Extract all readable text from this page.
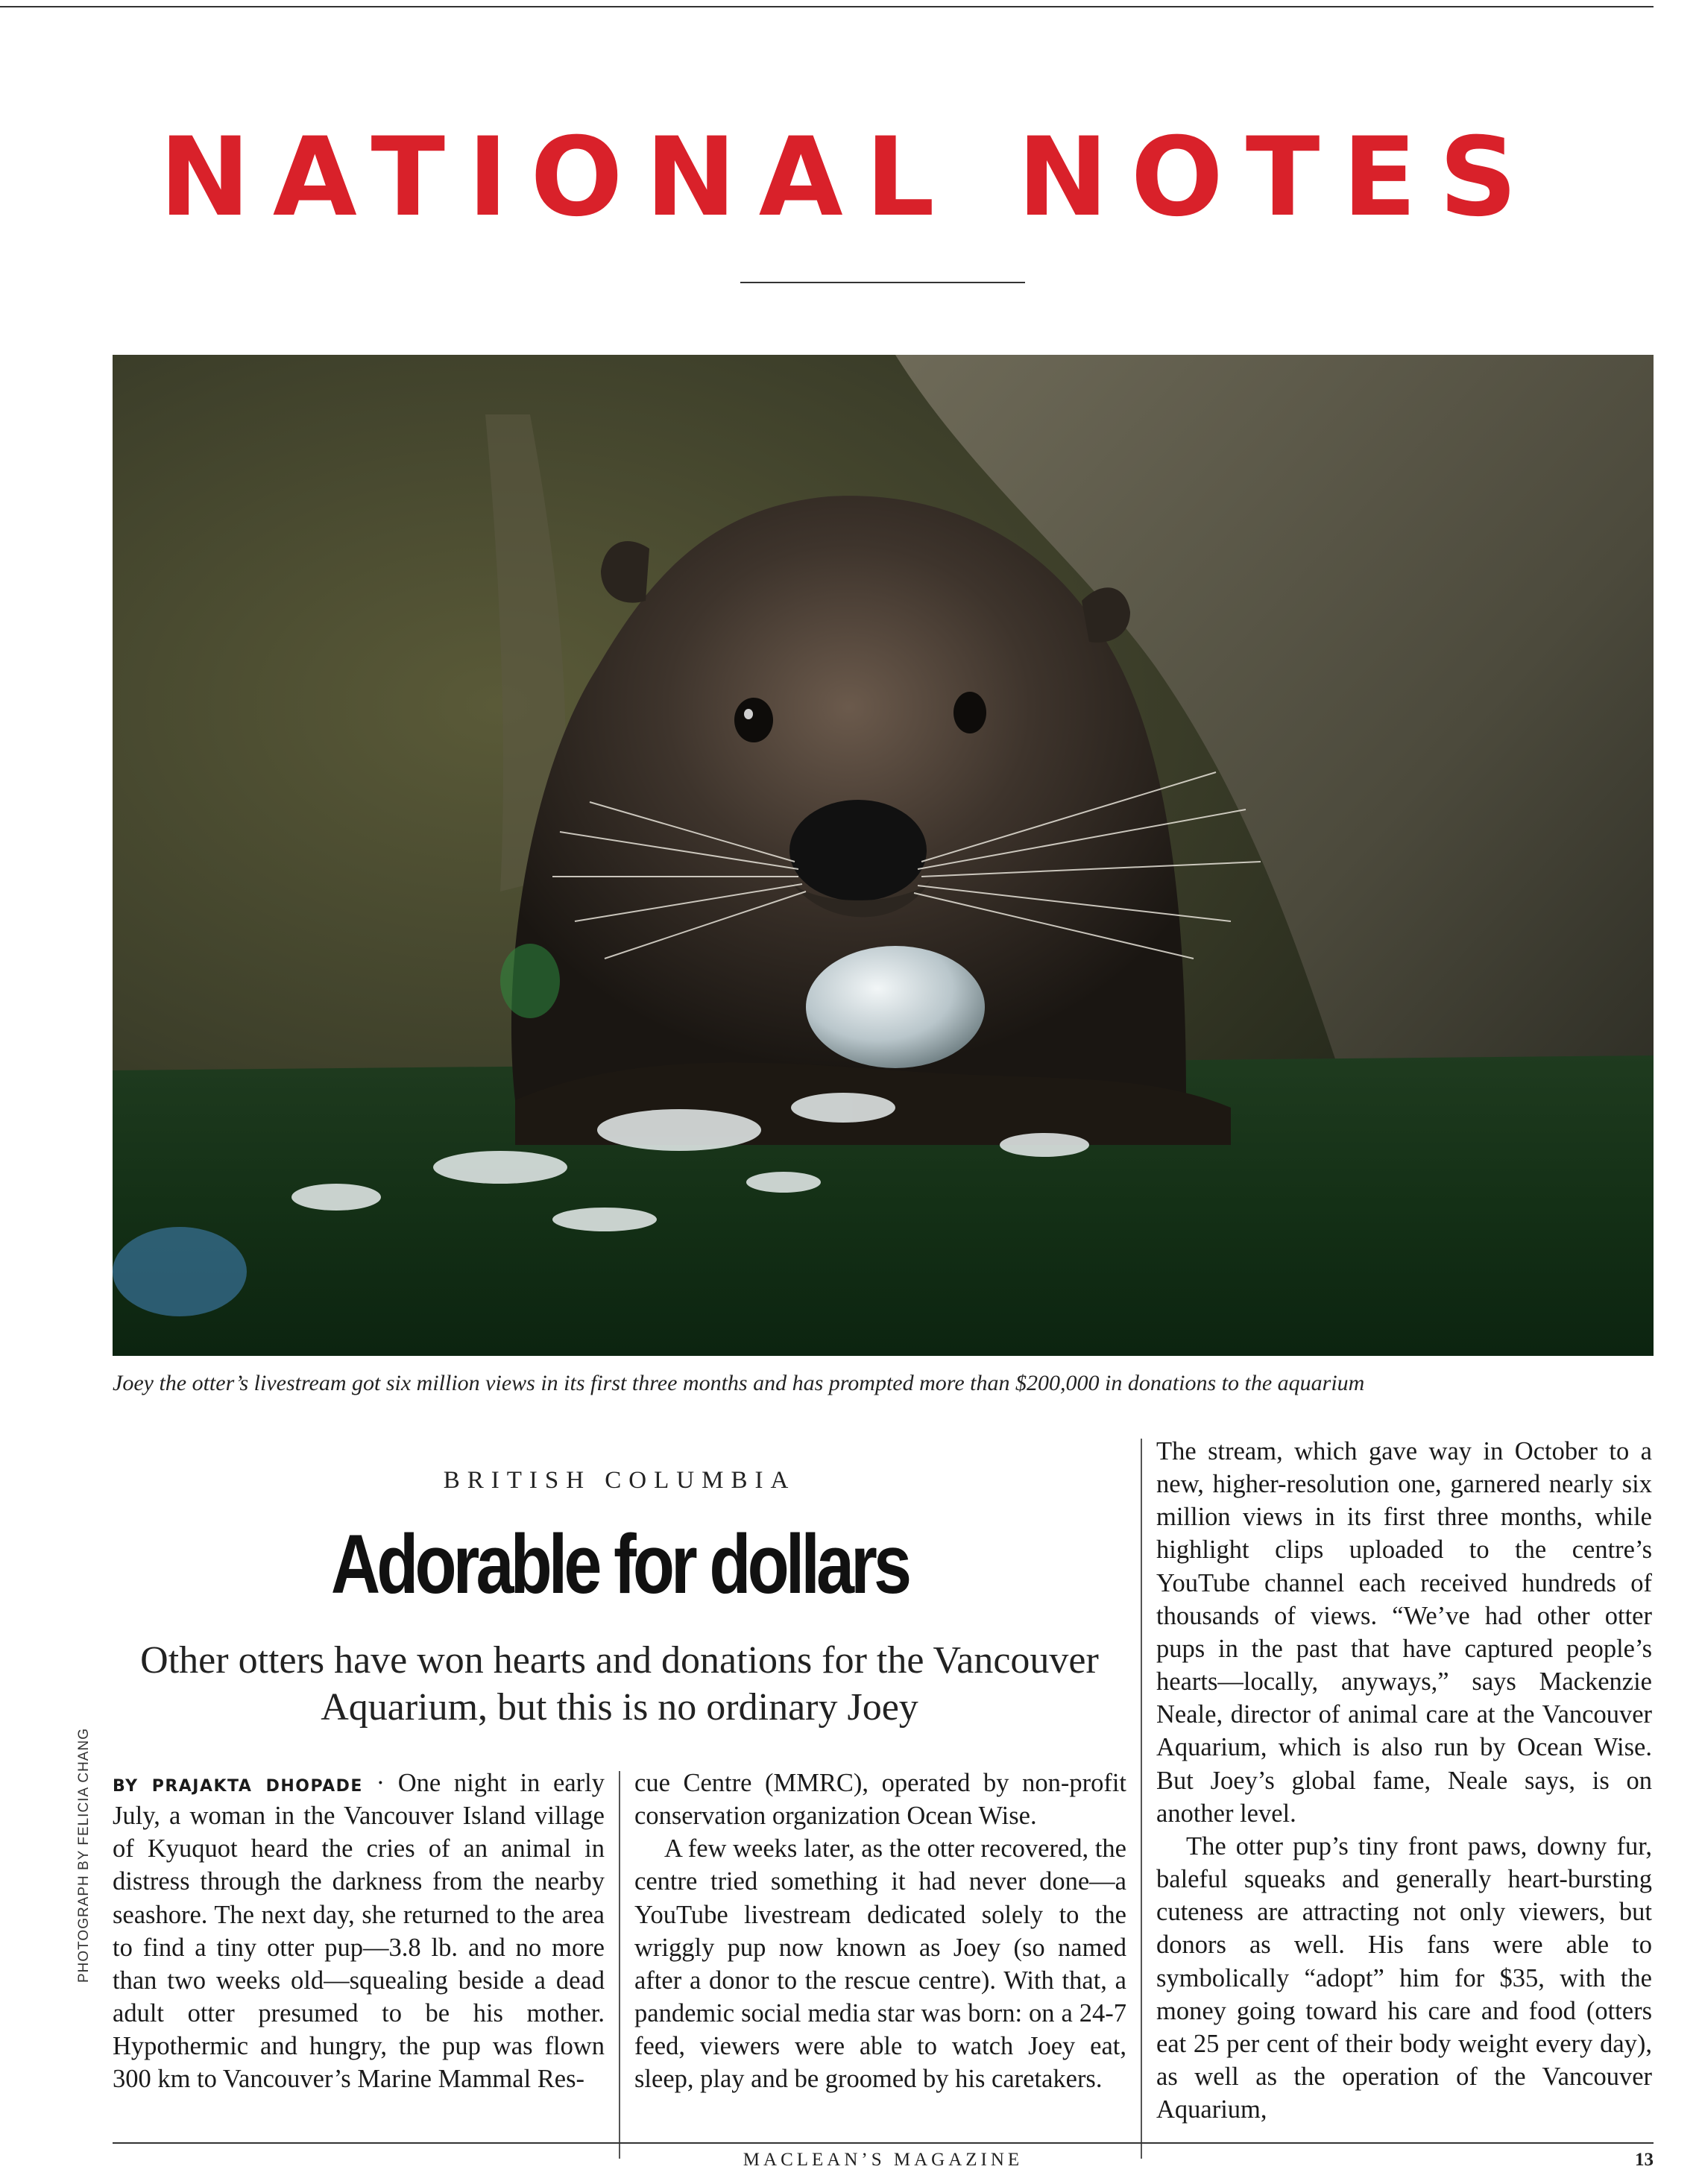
NATIONAL NOTES
Joey the otter’s livestream got six million views in its first three months and has prompted more than $200,000 in donations to the aquarium
PHOTOGRAPH BY FELICIA CHANG
BRITISH COLUMBIA
Adorable for dollars
Other otters have won hearts and donations for the Vancouver Aquarium, but this is no ordinary Joey

BY PRAJAKTA DHOPADE · One night in early July, a woman in the Vancouver Island village of Kyuquot heard the cries of an animal in distress through the darkness from the nearby seashore. The next day, she returned to the area to find a tiny otter pup—3.8 lb. and no more than two weeks old—squealing beside a dead adult otter presumed to be his mother. Hypothermic and hungry, the pup was flown 300 km to Vancouver’s Marine Mammal Res-

cue Centre (MMRC), operated by non-profit conservation organization Ocean Wise.

A few weeks later, as the otter recovered, the centre tried something it had never done—a YouTube livestream dedicated solely to the wriggly pup now known as Joey (so named after a donor to the rescue centre). With that, a pandemic social media star was born: on a 24-7 feed, viewers were able to watch Joey eat, sleep, play and be groomed by his caretakers.

The stream, which gave way in October to a new, higher-resolution one, garnered nearly six million views in its first three months, while highlight clips uploaded to the centre’s YouTube channel each received hundreds of thousands of views. “We’ve had other otter pups in the past that have captured people’s hearts—locally, anyways,” says Mackenzie Neale, director of animal care at the Vancouver Aquarium, which is also run by Ocean Wise. But Joey’s global fame, Neale says, is on another level.

The otter pup’s tiny front paws, downy fur, baleful squeaks and generally heart-bursting cuteness are attracting not only viewers, but donors as well. His fans were able to symbolically “adopt” him for $35, with the money going toward his care and food (otters eat 25 per cent of their body weight every day), as well as the operation of the Vancouver Aquarium,

MACLEAN’S MAGAZINE	13
